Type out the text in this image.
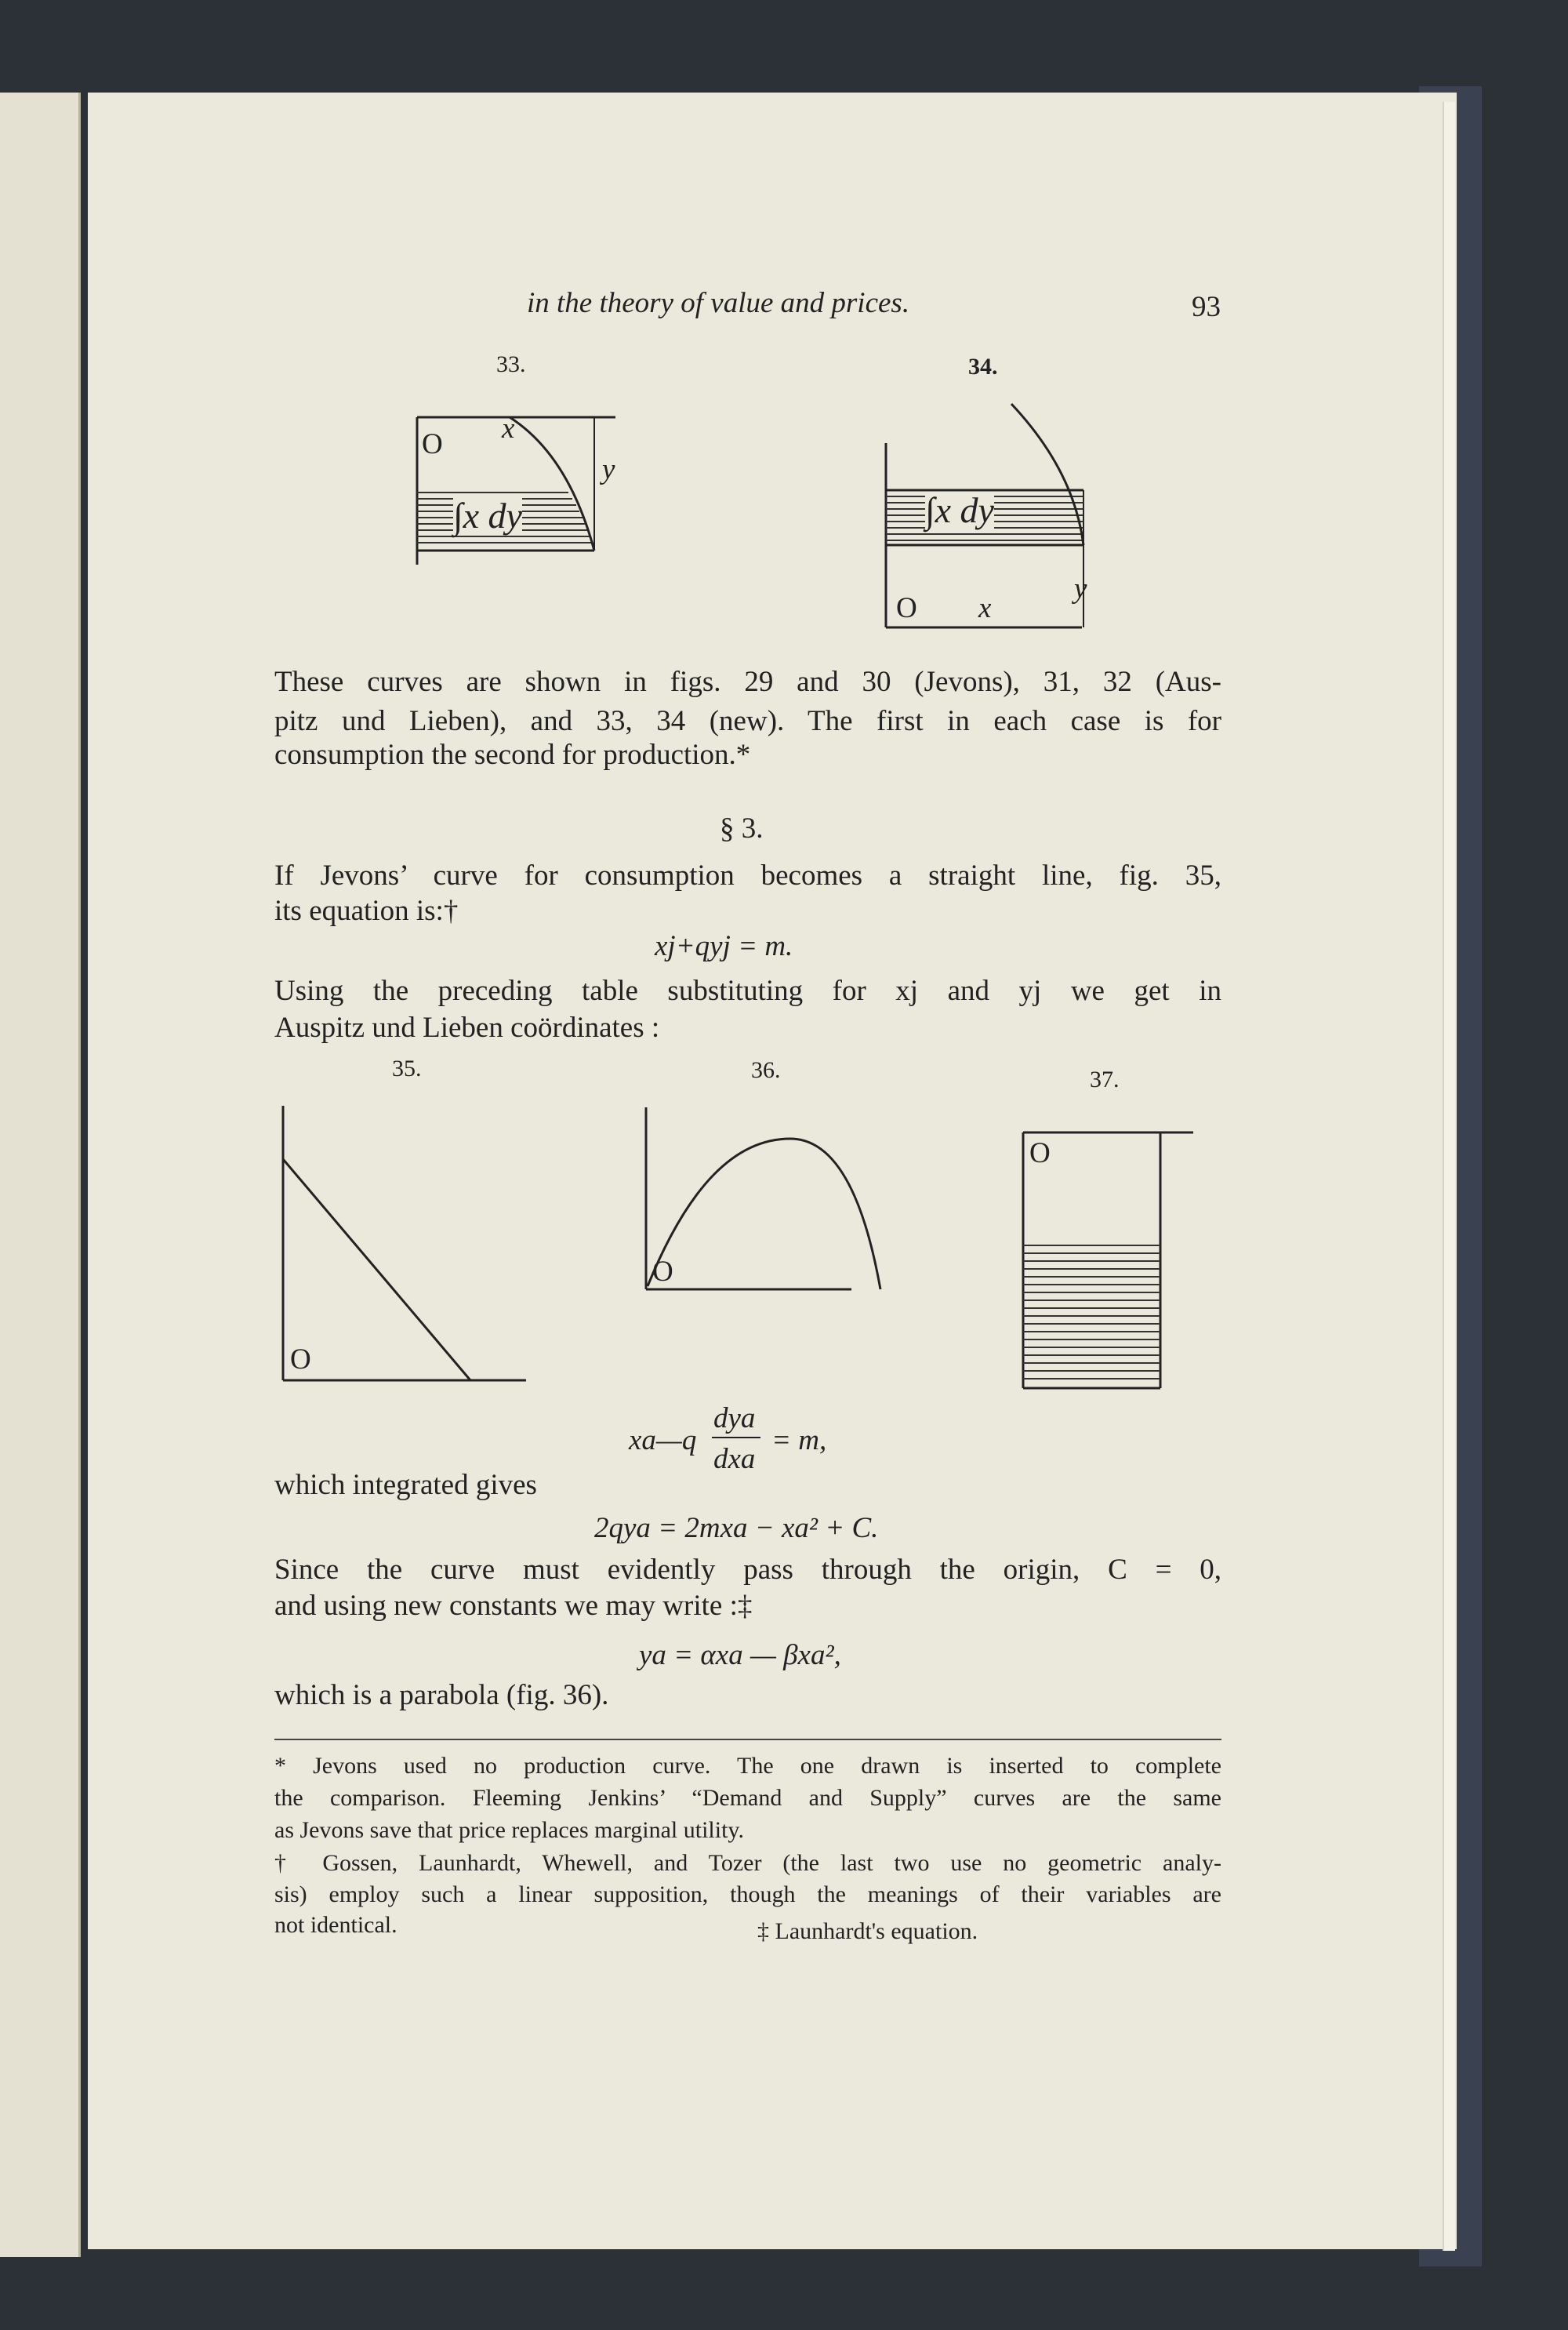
in the theory of value and prices.	93

33.

O x

y

∫x dy

34.

∫x dy

O x

y

These curves are shown in figs. 29 and 30 (Jevons), 31, 32 (Aus-

pitz und Lieben), and 33, 34 (new). The first in each case is for

consumption the second for production.*

§ 3.

If Jevons’ curve for consumption becomes a straight line, fig. 35,

its equation is:†

xj+qyj = m.

Using the preceding table substituting for xj and yj we get in

Auspitz und Lieben coördinates :

35.	36.	37.

O

O

O

xa—q

dya

dxa

= m,

which integrated gives

2qya = 2mxa − xa² + C.

Since the curve must evidently pass through the origin, C = 0,

and using new constants we may write :‡

ya = αxa — βxa²,

which is a parabola (fig. 36).

* Jevons used no production curve. The one drawn is inserted to complete

the comparison. Fleeming Jenkins’ “Demand and Supply” curves are the same

as Jevons save that price replaces marginal utility.

† Gossen, Launhardt, Whewell, and Tozer (the last two use no geometric analy-

sis) employ such a linear supposition, though the meanings of their variables are

not identical.	‡ Launhardt's equation.
